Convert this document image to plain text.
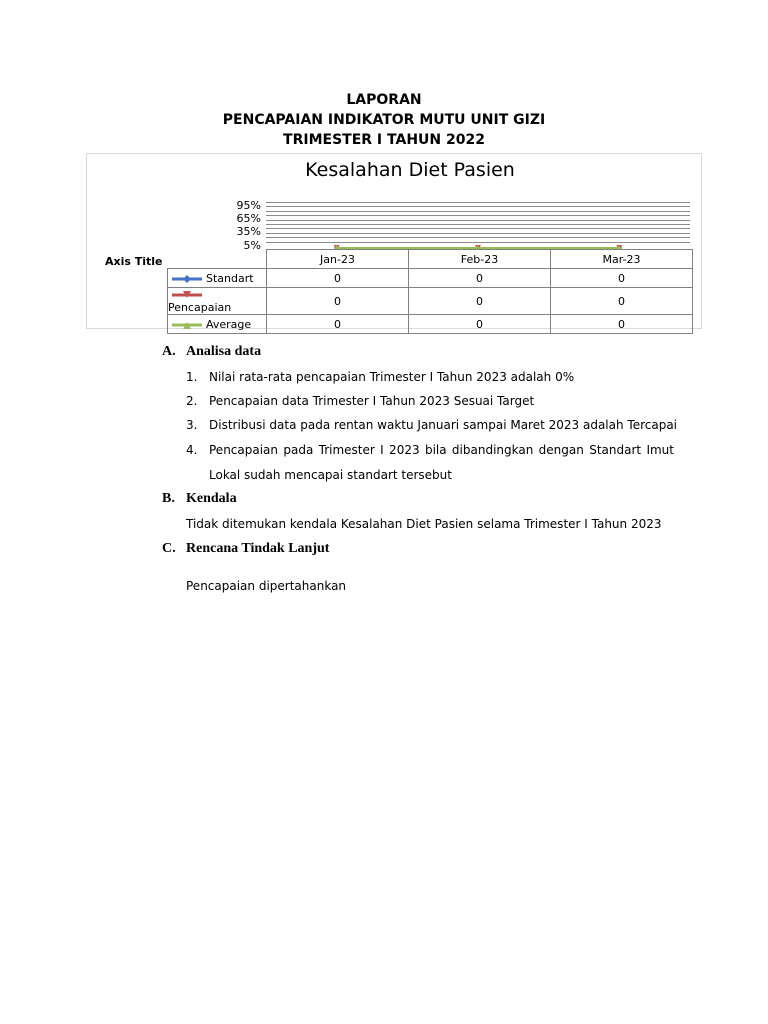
LAPORAN
PENCAPAIAN INDIKATOR MUTU UNIT GIZI
TRIMESTER I TAHUN 2022
Kesalahan Diet Pasien
Axis Title
95%
65%
35%
5%
	Jan-23	Feb-23	Mar-23

Standart	0	0	0

Pencapaian	0	0	0

Average	0	0	0
A. Analisa data
1. Nilai rata-rata pencapaian Trimester I Tahun 2023 adalah 0%
2. Pencapaian data Trimester I Tahun 2023 Sesuai Target
3. Distribusi data pada rentan waktu Januari sampai Maret 2023 adalah Tercapai
4. Pencapaian pada Trimester I 2023 bila dibandingkan dengan Standart Imut
Lokal sudah mencapai standart tersebut
B. Kendala
Tidak ditemukan kendala Kesalahan Diet Pasien selama Trimester I Tahun 2023
C. Rencana Tindak Lanjut
Pencapaian dipertahankan
